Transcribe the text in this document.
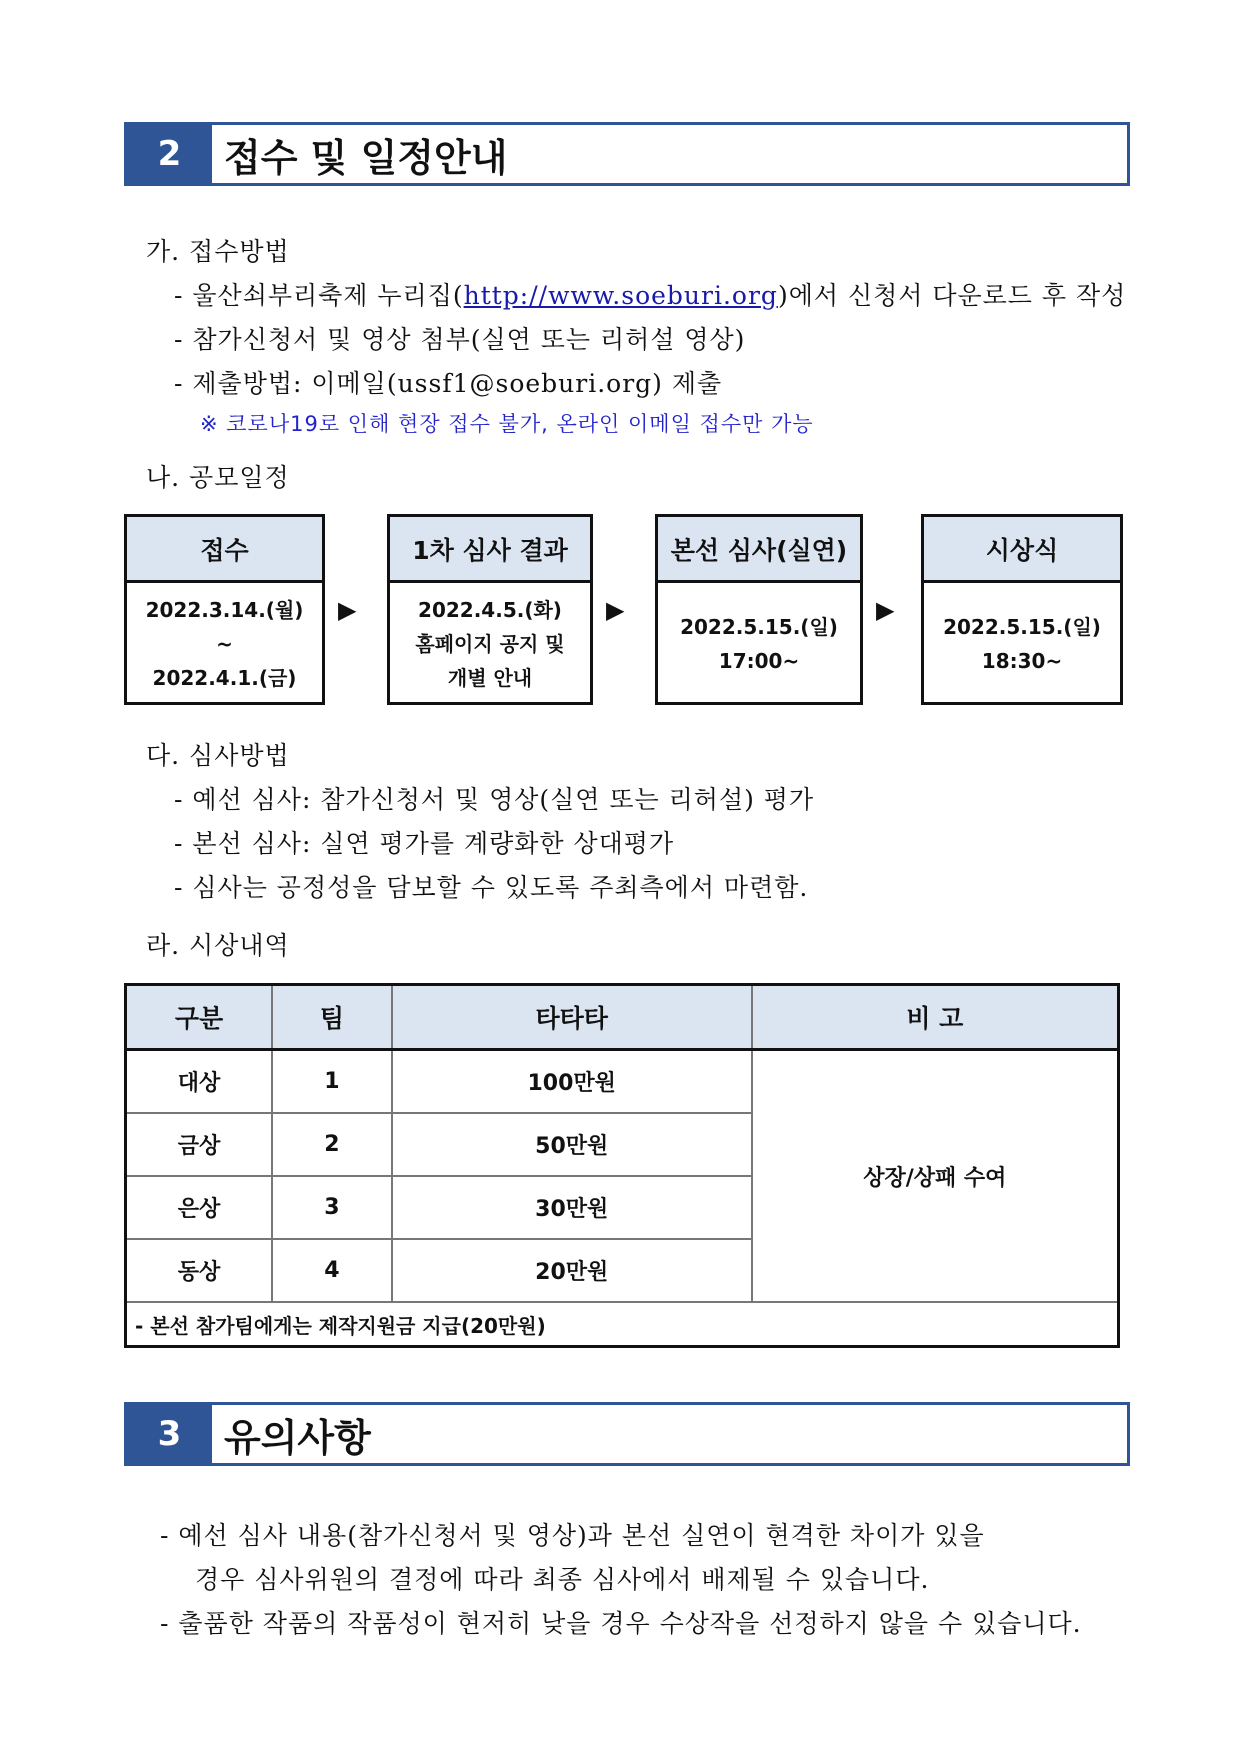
2	접수 및 일정안내
가. 접수방법
- 울산쇠부리축제 누리집(http://www.soeburi.org)에서 신청서 다운로드 후 작성
- 참가신청서 및 영상 첨부(실연 또는 리허설 영상)
- 제출방법: 이메일(ussf1@soeburi.org) 제출
※ 코로나19로 인해 현장 접수 불가, 온라인 이메일 접수만 가능
나. 공모일정
접수
2022.3.14.(월)
~
2022.4.1.(금)
▶
1차 심사 결과
2022.4.5.(화)
홈페이지 공지 및
개별 안내
▶
본선 심사(실연)
2022.5.15.(일)
17:00~
▶
시상식
2022.5.15.(일)
18:30~
다. 심사방법
- 예선 심사: 참가신청서 및 영상(실연 또는 리허설) 평가
- 본선 심사: 실연 평가를 계량화한 상대평가
- 심사는 공정성을 담보할 수 있도록 주최측에서 마련함.
라. 시상내역
구분	팀	타타타	비 고
대상	1	100만원	상장/상패 수여
금상	2	50만원	
은상	3	30만원	
동상	4	20만원	
- 본선 참가팀에게는 제작지원금 지급(20만원)			
3	유의사항
- 예선 심사 내용(참가신청서 및 영상)과 본선 실연이 현격한 차이가 있을
경우 심사위원의 결정에 따라 최종 심사에서 배제될 수 있습니다.
- 출품한 작품의 작품성이 현저히 낮을 경우 수상작을 선정하지 않을 수 있습니다.
